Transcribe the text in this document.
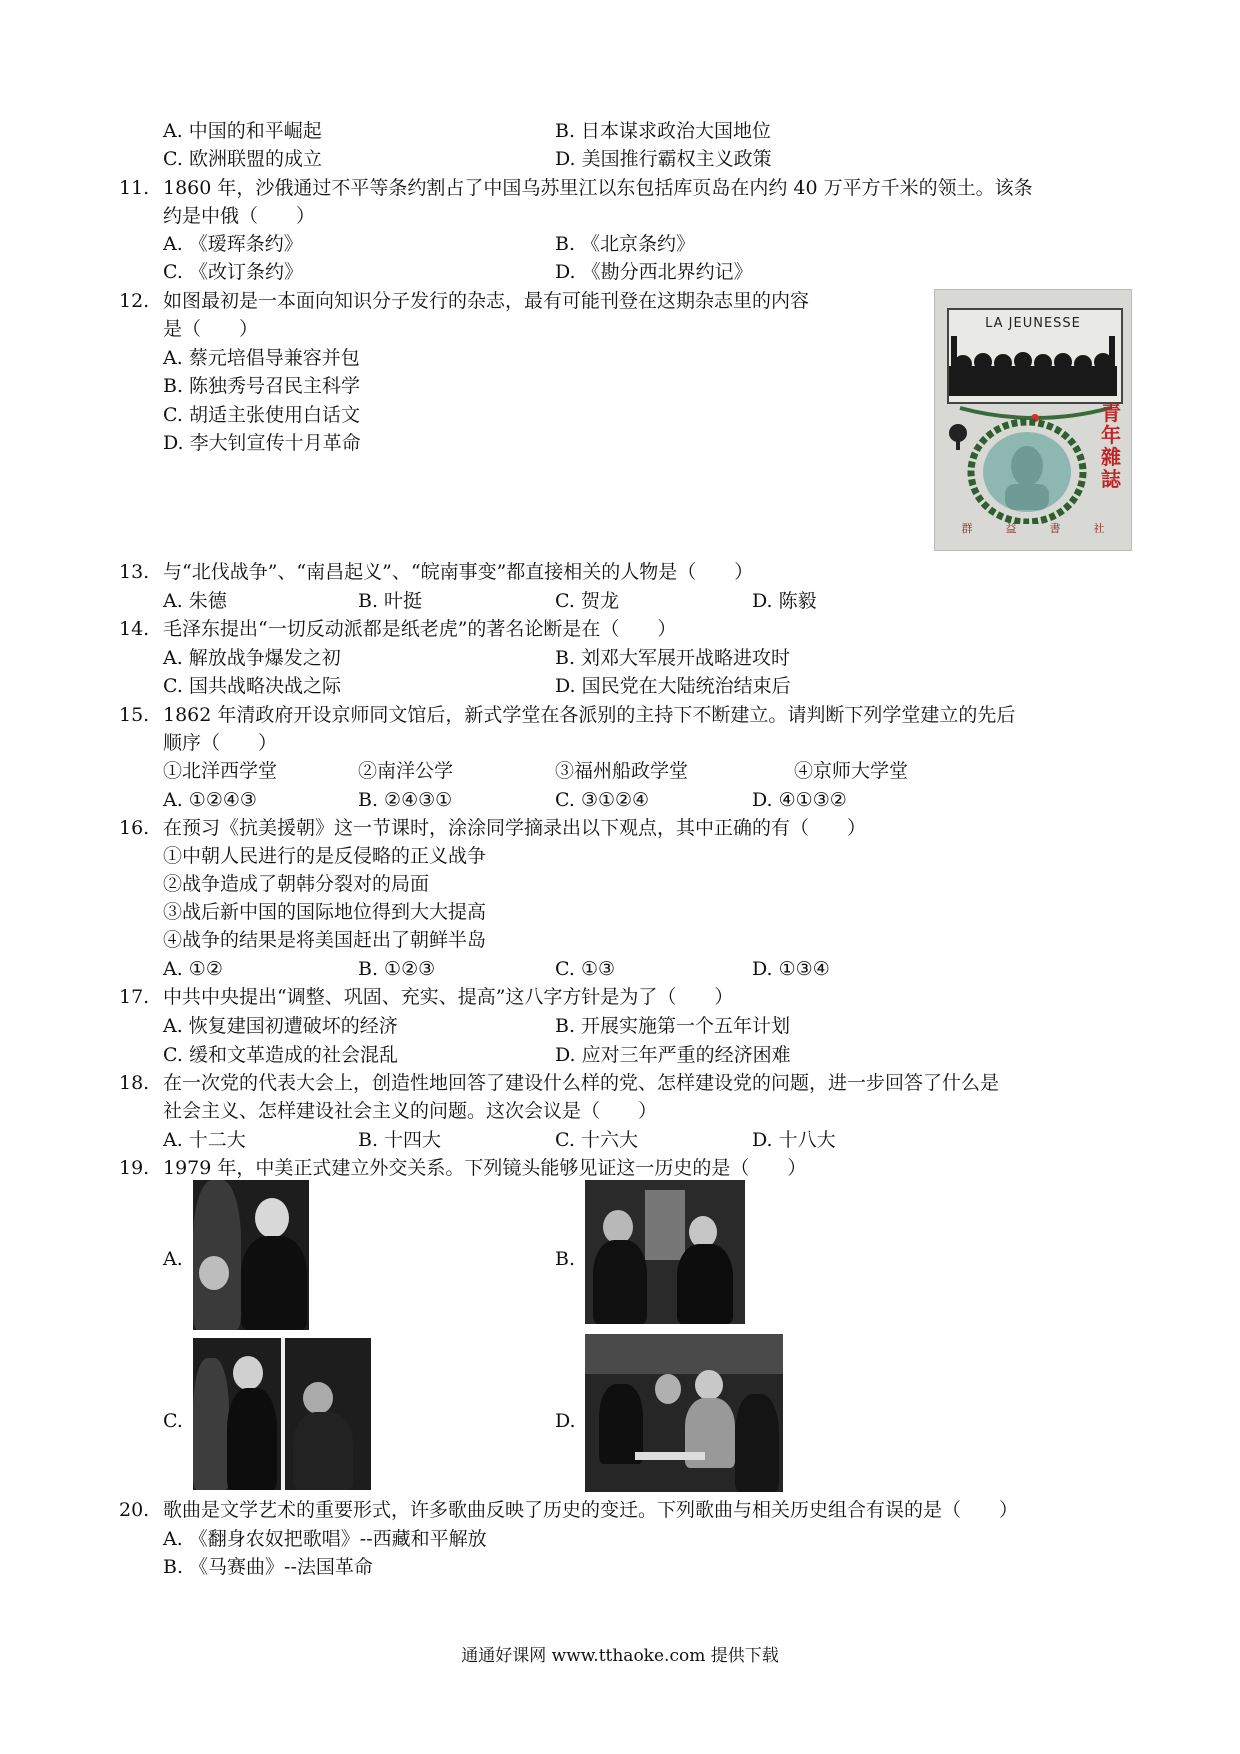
A. 中国的和平崛起	B. 日本谋求政治大国地位
C. 欧洲联盟的成立	D. 美国推行霸权主义政策
11. 1860 年，沙俄通过不平等条约割占了中国乌苏里江以东包括库页岛在内约 40 万平方千米的领土。该条
约是中俄（　　）
A. 《瑷珲条约》	B. 《北京条约》
C. 《改订条约》	D. 《勘分西北界约记》
12. 如图最初是一本面向知识分子发行的杂志，最有可能刊登在这期杂志里的内容
是（　　）
A. 蔡元培倡导兼容并包
B. 陈独秀号召民主科学
C. 胡适主张使用白话文
D. 李大钊宣传十月革命
LA JEUNESSE
青年雜誌
群	益	書	社
13. 与“北伐战争”、“南昌起义”、“皖南事变”都直接相关的人物是（　　）
A. 朱德	B. 叶挺	C. 贺龙	D. 陈毅
14. 毛泽东提出“一切反动派都是纸老虎”的著名论断是在（　　）
A. 解放战争爆发之初	B. 刘邓大军展开战略进攻时
C. 国共战略决战之际	D. 国民党在大陆统治结束后
15. 1862 年清政府开设京师同文馆后，新式学堂在各派别的主持下不断建立。请判断下列学堂建立的先后
顺序（　　）
①北洋西学堂	②南洋公学	③福州船政学堂	④京师大学堂
A. ①②④③	B. ②④③①	C. ③①②④	D. ④①③②
16. 在预习《抗美援朝》这一节课时，涂涂同学摘录出以下观点，其中正确的有（　　）
①中朝人民进行的是反侵略的正义战争
②战争造成了朝韩分裂对的局面
③战后新中国的国际地位得到大大提高
④战争的结果是将美国赶出了朝鲜半岛
A. ①②	B. ①②③	C. ①③	D. ①③④
17. 中共中央提出“调整、巩固、充实、提高”这八字方针是为了（　　）
A. 恢复建国初遭破坏的经济	B. 开展实施第一个五年计划
C. 缓和文革造成的社会混乱	D. 应对三年严重的经济困难
18. 在一次党的代表大会上，创造性地回答了建设什么样的党、怎样建设党的问题，进一步回答了什么是
社会主义、怎样建设社会主义的问题。这次会议是（　　）
A. 十二大	B. 十四大	C. 十六大	D. 十八大
19. 1979 年，中美正式建立外交关系。下列镜头能够见证这一历史的是（　　）
A.	B.
C.	D.
20. 歌曲是文学艺术的重要形式，许多歌曲反映了历史的变迁。下列歌曲与相关历史组合有误的是（　　）
A. 《翻身农奴把歌唱》--西藏和平解放
B. 《马赛曲》--法国革命
通通好课网 www.tthaoke.com 提供下载
